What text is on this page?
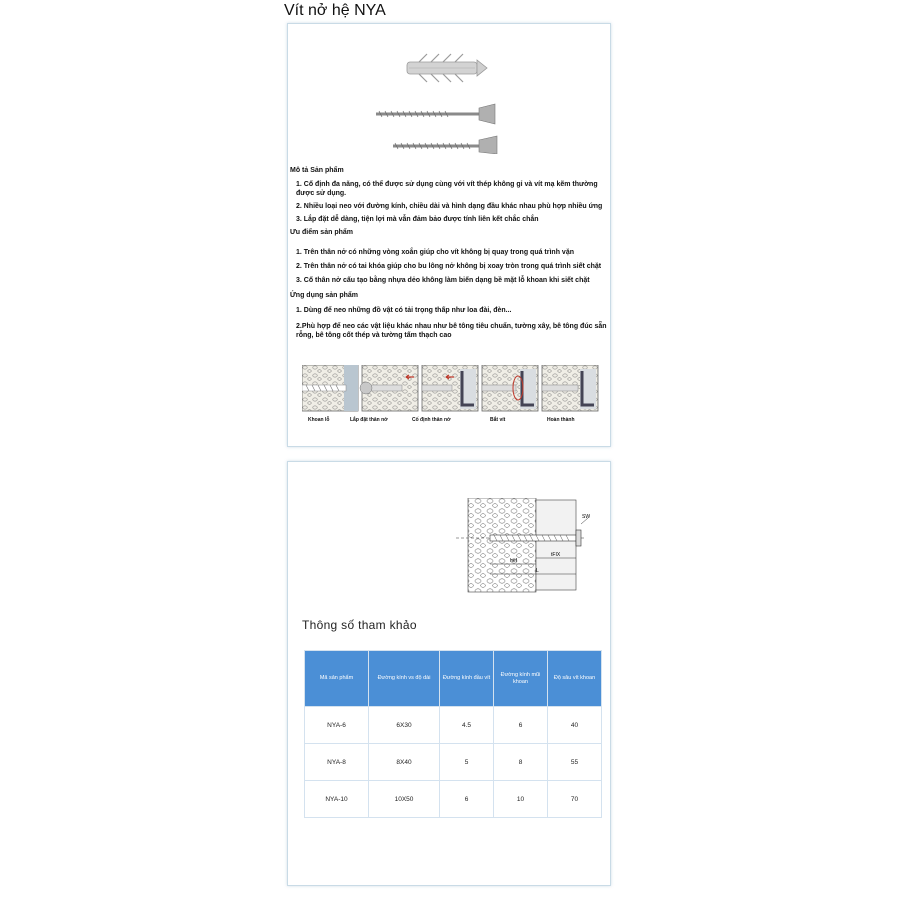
Vít nở hệ NYA
Mô tả Sản phẩm
1. Cố định đa năng, có thể được sử dụng cùng với vít thép không gỉ và vít mạ kẽm thường được sử dụng.
2. Nhiều loại neo với đường kính, chiều dài và hình dạng đầu khác nhau phù hợp nhiều ứng
3. Lắp đặt dễ dàng, tiện lợi mà vẫn đảm bảo được tính liên kết chắc chắn
Ưu điểm sản phẩm
1. Trên thân nở có những vòng xoắn giúp cho vít không bị quay trong quá trình vặn
2. Trên thân nở có tai khóa giúp cho bu lông nở không bị xoay tròn trong quá trình siết chặt
3. Cố thân nở cấu tạo bằng nhựa dẻo không làm biến dạng bề mặt lỗ khoan khi siết chặt
Ứng dụng sản phẩm
1. Dùng để neo những đồ vật có tải trọng thấp như loa đài, đèn...
2.Phù hợp để neo các vật liệu khác nhau như bê tông tiêu chuẩn, tường xây, bê tông đúc sẵn rỗng, bê tông cốt thép và tường tấm thạch cao
Khoan lỗ	Lắp đặt thân nở	Cố định thân nở	Bắt vít	Hoàn thành
SW
tFIX
hef
L
Thông số tham khảo
Mã sản phẩm	Đường kính vs độ dài	Đường kính đầu vít	Đường kính mũi khoan	Độ sâu vít khoan
NYA-6	6X30	4.5	6	40
NYA-8	8X40	5	8	55
NYA-10	10X50	6	10	70
